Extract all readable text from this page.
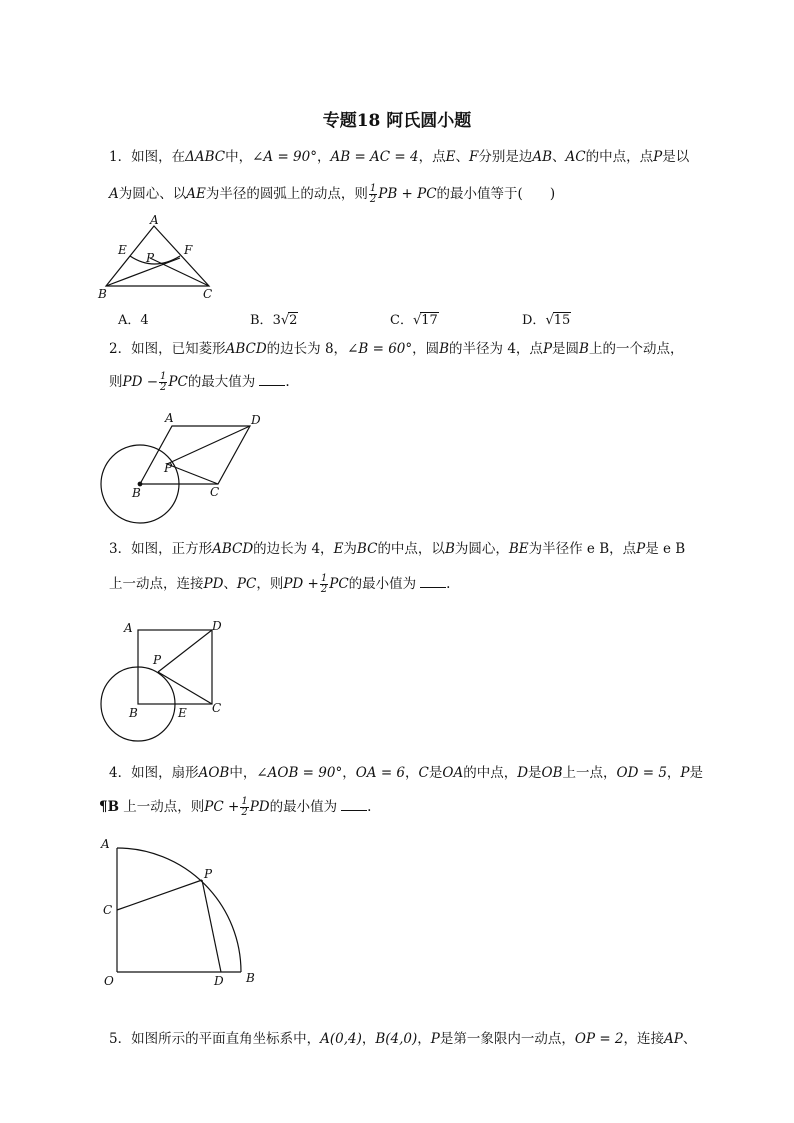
专题18 阿氏圆小题
1．如图，在ΔABC中，∠A = 90°，AB = AC = 4，点E、F分别是边AB、AC的中点，点P是以
A为圆心、以AE为半径的圆弧上的动点，则 $\frac{1}{2}$ PB + PC的最小值等于(　　)
A
B	C
E	F
P
A．4	B．3√2	C．√17	D．√15
2．如图，已知菱形ABCD的边长为 8，∠B = 60°，圆B的半径为 4，点P是圆B上的一个动点，
则PD − $\frac{1}{2}$ PC的最大值为 .
A	D
B	C
P
3．如图，正方形ABCD的边长为 4，E为BC的中点，以B为圆心，BE为半径作 e B，点P是 e B
上一动点，连接PD、PC，则PD + $\frac{1}{2}$ PC的最小值为 .
A	D
B	C
E
P
4．如图，扇形AOB中，∠AOB = 90°，OA = 6，C是OA的中点，D是OB上一点，OD = 5，P是
¶B 上一动点，则PC + $\frac{1}{2}$ PD的最小值为 .
A
C
O	D B
P
5．如图所示的平面直角坐标系中，A(0,4)，B(4,0)，P是第一象限内一动点，OP = 2，连接AP、
